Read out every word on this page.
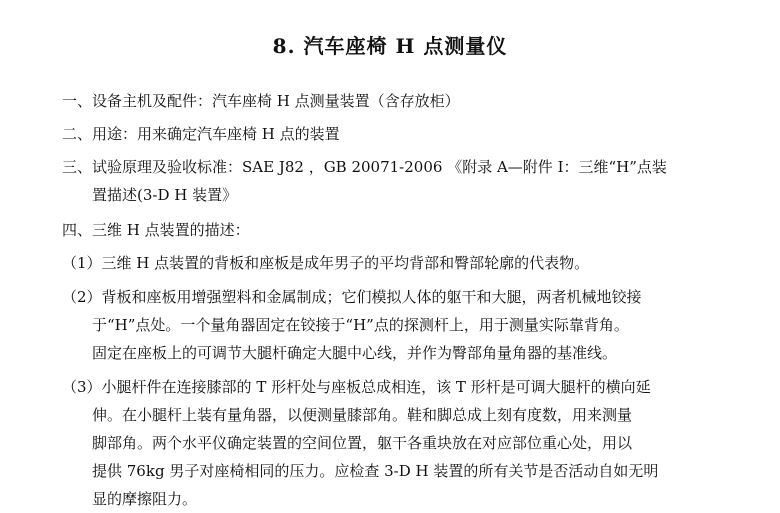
8. 汽车座椅 H 点测量仪
一、设备主机及配件：汽车座椅 H 点测量装置（含存放柜）
二、用途：用来确定汽车座椅 H 点的装置
三、试验原理及验收标准：SAE J82 ，GB 20071-2006 《附录 A—附件 I：三维“H”点装
置描述(3-D H 装置》
四、三维 H 点装置的描述：
（1）三维 H 点装置的背板和座板是成年男子的平均背部和臀部轮廓的代表物。
（2）背板和座板用增强塑料和金属制成；它们模拟人体的躯干和大腿，两者机械地铰接
于“H”点处。一个量角器固定在铰接于“H”点的探测杆上，用于测量实际靠背角。
固定在座板上的可调节大腿杆确定大腿中心线，并作为臀部角量角器的基准线。
（3）小腿杆件在连接膝部的 T 形杆处与座板总成相连，该 T 形杆是可调大腿杆的横向延
伸。在小腿杆上装有量角器，以便测量膝部角。鞋和脚总成上刻有度数，用来测量
脚部角。两个水平仪确定装置的空间位置，躯干各重块放在对应部位重心处，用以
提供 76kg 男子对座椅相同的压力。应检查 3-D H 装置的所有关节是否活动自如无明
显的摩擦阻力。
